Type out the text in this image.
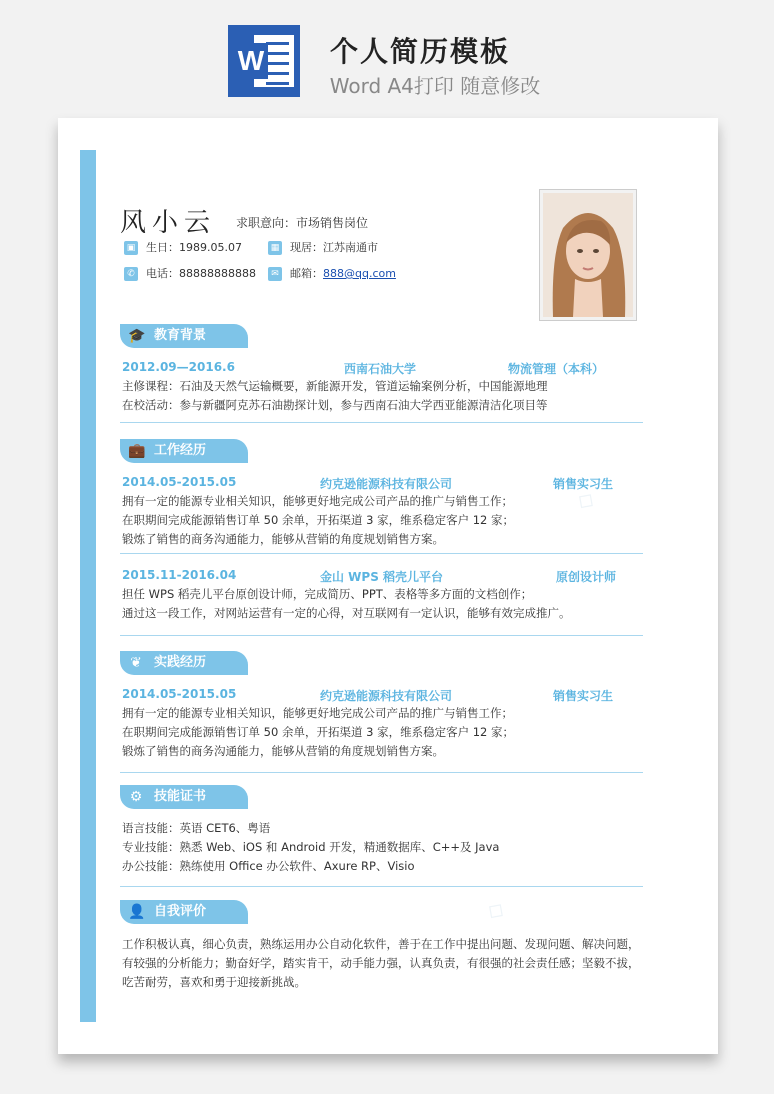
W	个人简历模板
Word A4打印 随意修改
◇
◇
风小云 求职意向：市场销售岗位
▣ 生日：1989.05.07	▦ 现居：江苏南通市
✆ 电话：88888888888	✉ 邮箱：888@qq.com
🎓 教育背景
2012.09—2016.6	西南石油大学	物流管理（本科）
主修课程：石油及天然气运输概要，新能源开发，管道运输案例分析，中国能源地理
在校活动：参与新疆阿克苏石油勘探计划，参与西南石油大学西亚能源清洁化项目等
💼 工作经历
2014.05-2015.05	约克逊能源科技有限公司	销售实习生
拥有一定的能源专业相关知识，能够更好地完成公司产品的推广与销售工作；
在职期间完成能源销售订单 50 余单，开拓渠道 3 家，维系稳定客户 12 家；
锻炼了销售的商务沟通能力，能够从营销的角度规划销售方案。
2015.11-2016.04	金山 WPS 稻壳儿平台	原创设计师
担任 WPS 稻壳儿平台原创设计师，完成简历、PPT、表格等多方面的文档创作；
通过这一段工作，对网站运营有一定的心得，对互联网有一定认识，能够有效完成推广。
❦ 实践经历
2014.05-2015.05	约克逊能源科技有限公司	销售实习生
拥有一定的能源专业相关知识，能够更好地完成公司产品的推广与销售工作；
在职期间完成能源销售订单 50 余单，开拓渠道 3 家，维系稳定客户 12 家；
锻炼了销售的商务沟通能力，能够从营销的角度规划销售方案。
⚙ 技能证书
语言技能：英语 CET6、粤语
专业技能：熟悉 Web、iOS 和 Android 开发，精通数据库、C++及 Java
办公技能：熟练使用 Office 办公软件、Axure RP、Visio
👤 自我评价
工作积极认真，细心负责，熟练运用办公自动化软件，善于在工作中提出问题、发现问题、解决问题，
有较强的分析能力；勤奋好学，踏实肯干，动手能力强，认真负责，有很强的社会责任感；坚毅不拔，
吃苦耐劳，喜欢和勇于迎接新挑战。
